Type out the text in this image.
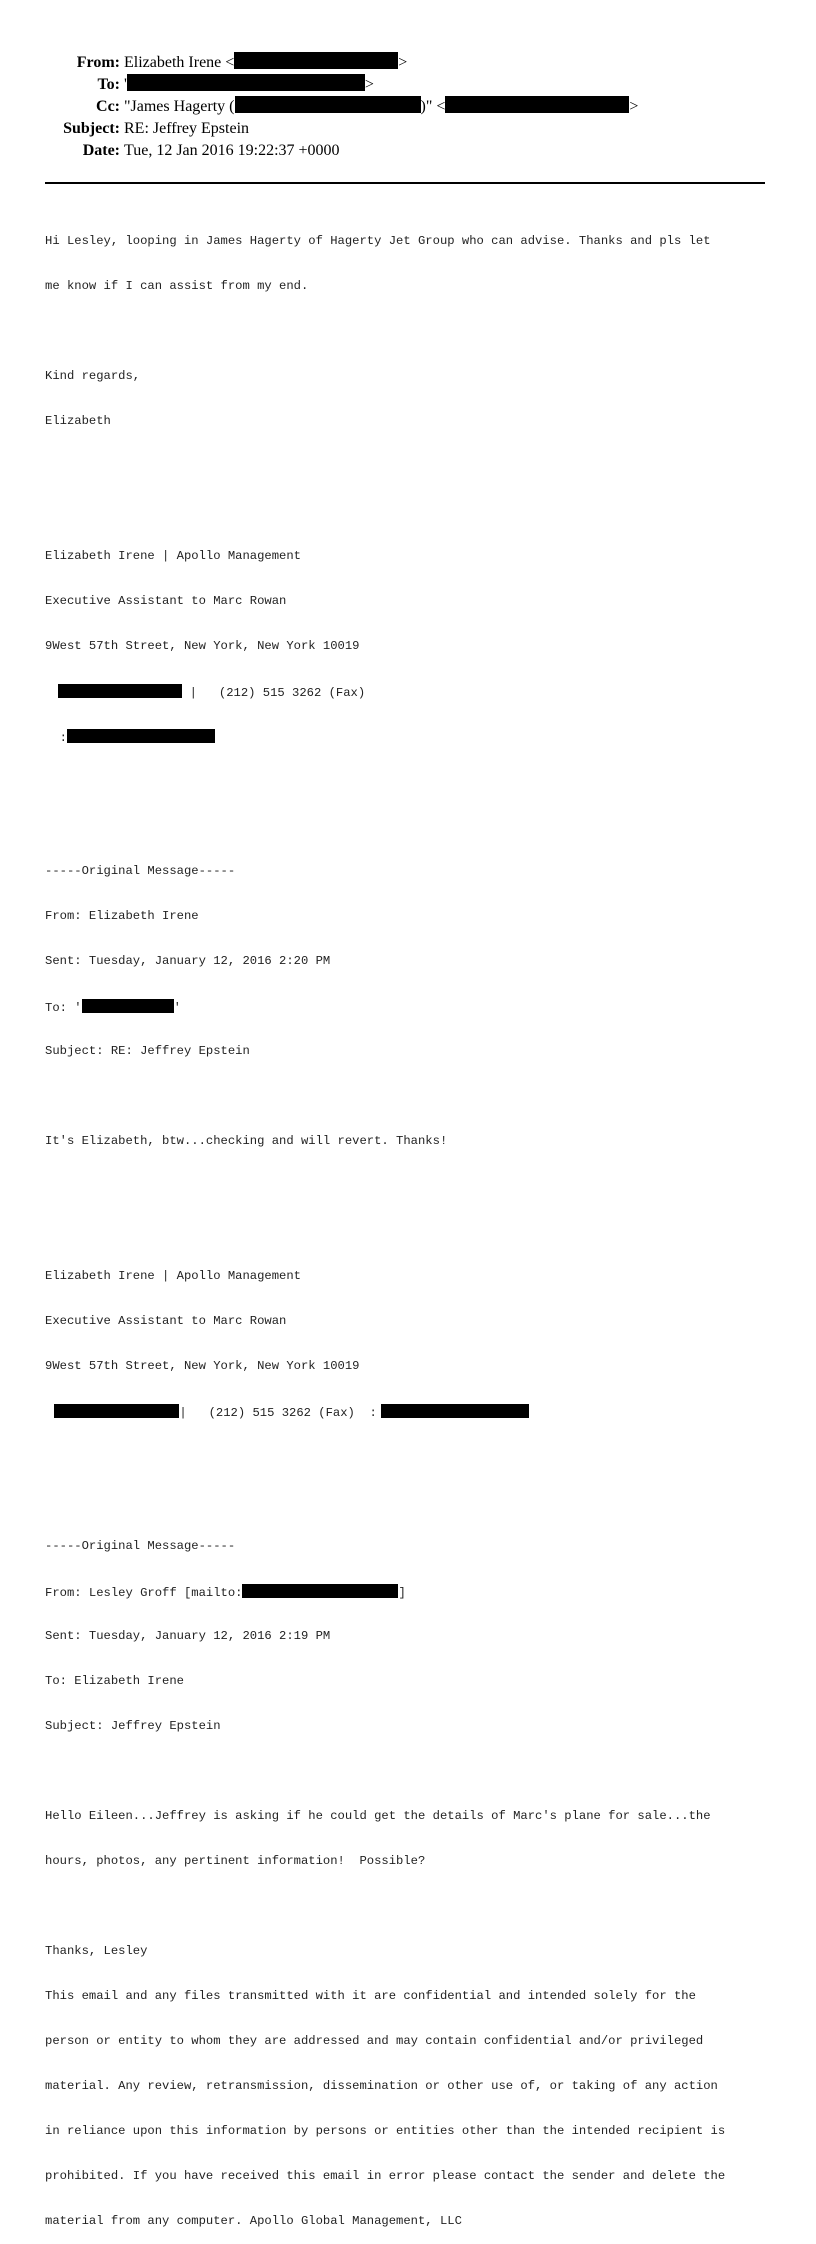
From: Elizabeth Irene <	>
To: '	>
Cc: "James Hagerty (	)" <	>
Subject: RE: Jeffrey Epstein
Date: Tue, 12 Jan 2016 19:22:37 +0000

Hi Lesley, looping in James Hagerty of Hagerty Jet Group who can advise. Thanks and pls let

me know if I can assist from my end.

Kind regards,

Elizabeth

Elizabeth Irene | Apollo Management

Executive Assistant to Marc Rowan

9West 57th Street, New York, New York 10019

|   (212) 515 3262 (Fax)

:

-----Original Message-----

From: Elizabeth Irene

Sent: Tuesday, January 12, 2016 2:20 PM

To: '	'

Subject: RE: Jeffrey Epstein

It's Elizabeth, btw...checking and will revert. Thanks!

Elizabeth Irene | Apollo Management

Executive Assistant to Marc Rowan

9West 57th Street, New York, New York 10019

|   (212) 515 3262 (Fax)  :

-----Original Message-----

From: Lesley Groff [mailto:	]

Sent: Tuesday, January 12, 2016 2:19 PM

To: Elizabeth Irene

Subject: Jeffrey Epstein

Hello Eileen...Jeffrey is asking if he could get the details of Marc's plane for sale...the

hours, photos, any pertinent information!  Possible?

Thanks, Lesley

This email and any files transmitted with it are confidential and intended solely for the

person or entity to whom they are addressed and may contain confidential and/or privileged

material. Any review, retransmission, dissemination or other use of, or taking of any action

in reliance upon this information by persons or entities other than the intended recipient is

prohibited. If you have received this email in error please contact the sender and delete the

material from any computer. Apollo Global Management, LLC
